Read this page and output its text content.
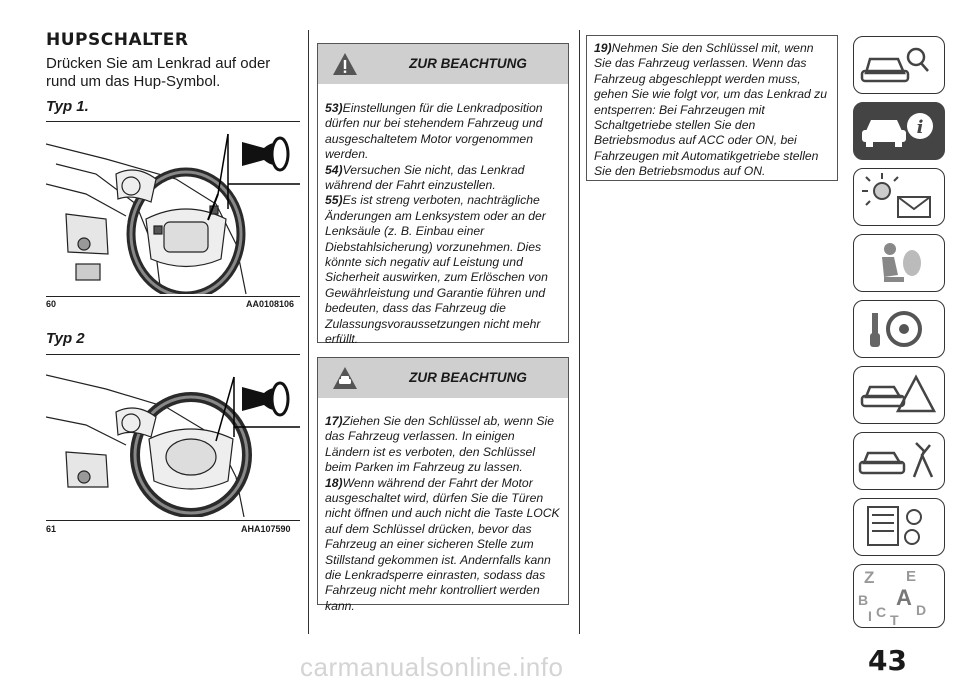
HUPSCHALTER
Drücken Sie am Lenkrad auf oder rund um das Hup-Symbol.
Typ 1.
60	AA0108106
Typ 2
61	AHA107590
ZUR BEACHTUNG

53)Einstellungen für die Lenkradposition dürfen nur bei stehendem Fahrzeug und ausgeschaltetem Motor vorgenommen werden.

54)Versuchen Sie nicht, das Lenkrad während der Fahrt einzustellen.

55)Es ist streng verboten, nachträgliche Änderungen am Lenksystem oder an der Lenksäule (z. B. Einbau einer Diebstahlsicherung) vorzunehmen. Dies könnte sich negativ auf Leistung und Sicherheit auswirken, zum Erlöschen von Gewährleistung und Garantie führen und bedeuten, dass das Fahrzeug die Zulassungsvoraussetzungen nicht mehr erfüllt.

ZUR BEACHTUNG

17)Ziehen Sie den Schlüssel ab, wenn Sie das Fahrzeug verlassen. In einigen Ländern ist es verboten, den Schlüssel beim Parken im Fahrzeug zu lassen.

18)Wenn während der Fahrt der Motor ausgeschaltet wird, dürfen Sie die Türen nicht öffnen und auch nicht die Taste LOCK auf dem Schlüssel drücken, bevor das Fahrzeug an einer sicheren Stelle zum Stillstand gekommen ist. Andernfalls kann die Lenkradsperre einrasten, sodass das Fahrzeug nicht mehr kontrolliert werden kann.

19)Nehmen Sie den Schlüssel mit, wenn Sie das Fahrzeug verlassen. Wenn das Fahrzeug abgeschleppt werden muss, gehen Sie wie folgt vor, um das Lenkrad zu entsperren: Bei Fahrzeugen mit Schaltgetriebe stellen Sie den Betriebsmodus auf ACC oder ON, bei Fahrzeugen mit Automatikgetriebe stellen Sie den Betriebsmodus auf ON.

i
Z E
B A
C D
T
I
43
carmanualsonline.info
